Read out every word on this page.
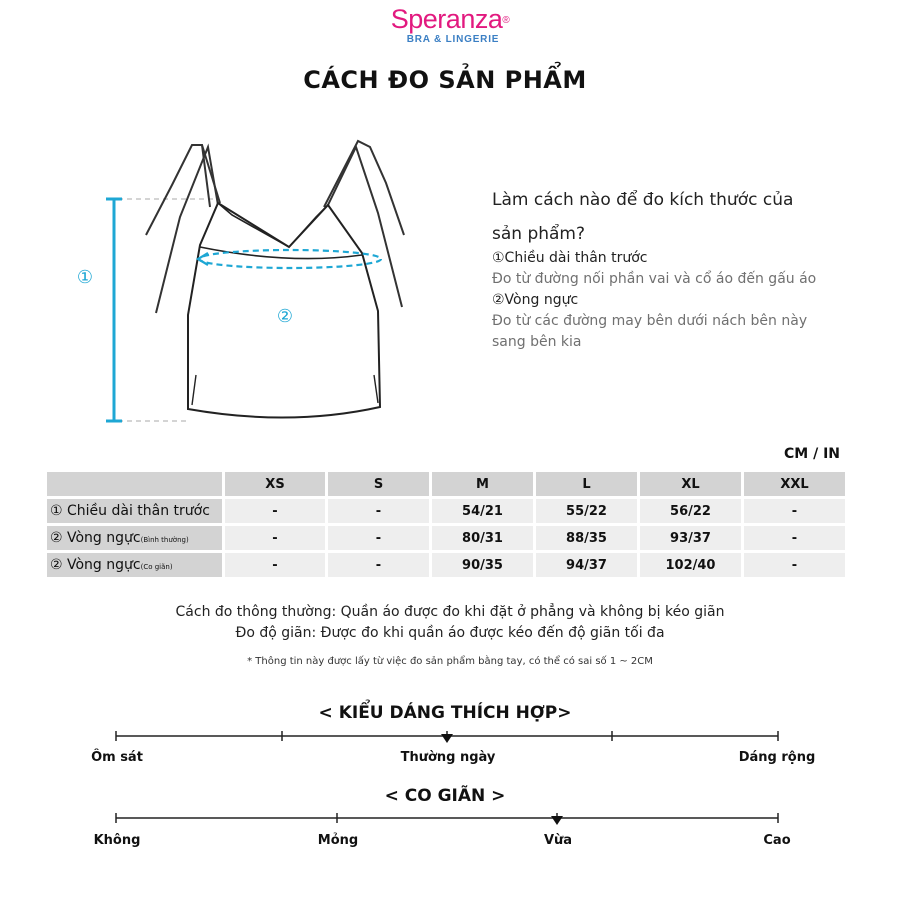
Speranza®
BRA & LINGERIE
CÁCH ĐO SẢN PHẨM
①
②
Làm cách nào để đo kích thước của
sản phẩm?
①Chiều dài thân trước
Đo từ đường nối phần vai và cổ áo đến gấu áo
②Vòng ngực
Đo từ các đường may bên dưới nách bên này
sang bên kia
CM / IN
	XS	S	M	L	XL	XXL
① Chiều dài thân trước	-	-	54/21	55/22	56/22	-
② Vòng ngực(Bình thường)	-	-	80/31	88/35	93/37	-
② Vòng ngực(Co giãn)	-	-	90/35	94/37	102/40	-
Cách đo thông thường: Quần áo được đo khi đặt ở phẳng và không bị kéo giãn
Đo độ giãn: Được đo khi quần áo được kéo đến độ giãn tối đa
* Thông tin này được lấy từ việc đo sản phẩm bằng tay, có thể có sai số 1 ~ 2CM
< KIỂU DÁNG THÍCH HỢP>
Ôm sát	Thường ngày	Dáng rộng
< CO GIÃN >
Không	Mỏng	Vừa	Cao
